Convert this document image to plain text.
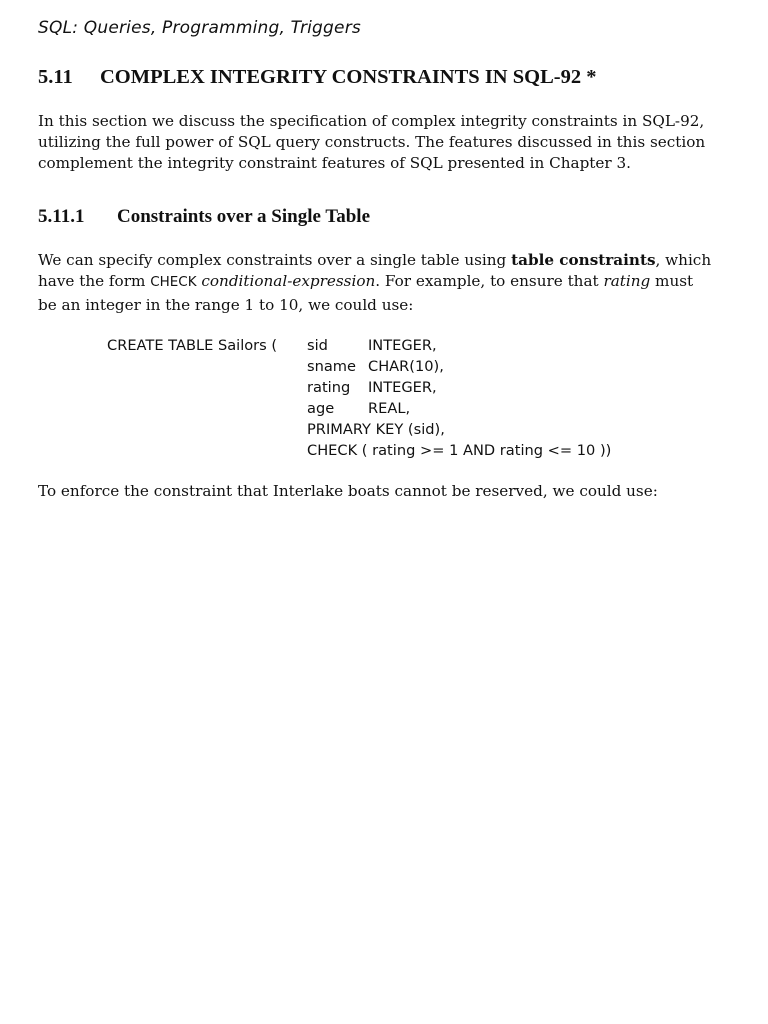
SQL: Queries, Programming, Triggers
5.11 COMPLEX INTEGRITY CONSTRAINTS IN SQL-92 *

In this section we discuss the specification of complex integrity constraints in SQL-92,
utilizing the full power of SQL query constructs. The features discussed in this section
complement the integrity constraint features of SQL presented in Chapter 3.

5.11.1 Constraints over a Single Table

We can specify complex constraints over a single table using table constraints, which
have the form CHECK conditional-expression. For example, to ensure that rating must
be an integer in the range 1 to 10, we could use:

CREATE TABLE Sailors ( sid	INTEGER,
sname CHAR(10),
rating INTEGER,
age REAL,
PRIMARY KEY (sid),
CHECK ( rating >= 1 AND rating <= 10 ))

To enforce the constraint that Interlake boats cannot be reserved, we could use:
